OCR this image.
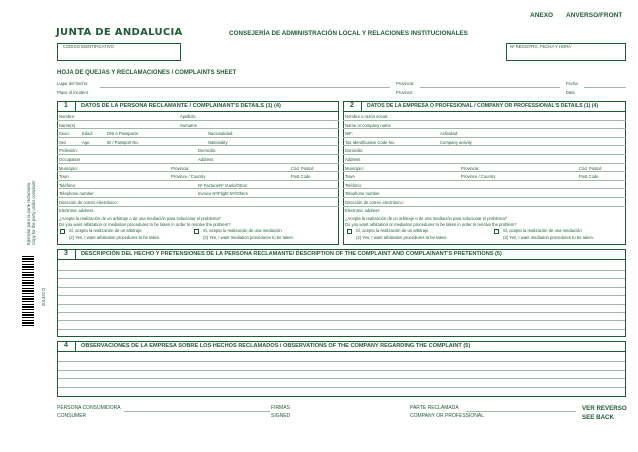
ANEXO ANVERSO/FRONT
JUNTA DE ANDALUCIA	CONSEJERÍA DE ADMINISTRACIÓN LOCAL Y RELACIONES INSTITUCIONALES
CÓDIGO IDENTIFICATIVO	Nº REGISTRO, FECHA Y HORA
HOJA DE QUEJAS Y RECLAMACIONES / COMPLAINTS SHEET
Lugar del hecho:
Place of incident
Provincia:
Province:
Fecha:
Date
Ejemplar para la parte reclamada Copy for the party under complaint
001322 D
1	DATOS DE LA PERSONA RECLAMANTE / COMPLAINANT'S DETAILS (1) (4)
Nombre:	Apellido:
Name(s)	Surname
Sexo:	Edad:	DNI o Pasaporte:	Nacionalidad:
Sex	Age	ID / Passport No.	Nationality
Profesión:	Domicilio:
Occupation	Address
Municipio:	Provincia:	Cód. Postal:
Town	Province / Country	Post Code
Teléfono:	Nº Factura/Nº Vuelo/Otros:
Telephone number	Invoice Nº/Flight Nº/Others
Dirección de correo electrónico:
Electronic address
¿Acepta la realización de un arbitraje o de una mediación para solucionar el problema?
Do you want arbitration or mediation procedures to be taken in order to resolve the problem?
Sí, acepto la realización de un arbitraje.
(2) Yes, I want arbitration procedures to be taken.
Sí, acepto la realización de una mediación
(3) Yes, I want mediation procedures to be taken.
2	DATOS DE LA EMPRESA O PROFESIONAL / COMPANY OR PROFESSIONAL'S DETAILS (1) (4)
Nombre o razón social:
Name or company name
NIF:	Actividad:
Tax Identification Code No.	Company activity
Domicilio:
Address
Municipio:	Provincia:	Cód. Postal:
Town	Province / Country	Post Code
Teléfono:
Telephone number
Dirección de correo electrónico:
Electronic address
¿Acepta la realización de un arbitraje o de una mediación para solucionar el problema?
Do you want arbitration or mediation procedures to be taken in order to resolve the problem?
Sí, acepto la realización de un arbitraje.
(2) Yes, I want arbitration procedures to be taken.
Sí, acepto la realización de una mediación
(3) Yes, I want mediation procedures to be taken.
3	DESCRIPCIÓN DEL HECHO Y PRETENSIONES DE LA PERSONA RECLAMANTE/ DESCRIPTION OF THE COMPLAINT AND COMPLAINANT'S PRETENTIONS (5)
4	OBSERVACIONES DE LA EMPRESA SOBRE LOS HECHOS RECLAMADOS / OBSERVATIONS OF THE COMPANY REGARDING THE COMPLAINT (5)
PERSONA CONSUMIDORA
CONSUMER
FIRMAS
SIGNED
PARTE RECLAMADA
COMPANY OR PROFESSIONAL
VER REVERSO
SEE BACK
